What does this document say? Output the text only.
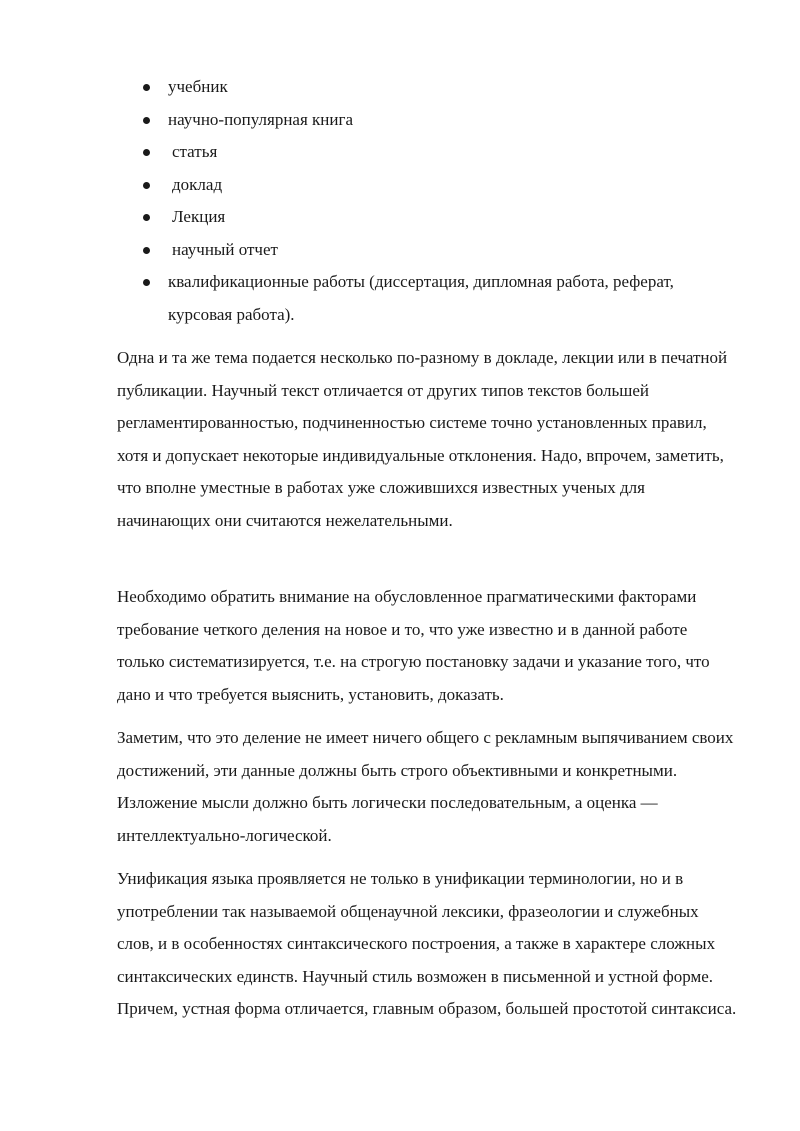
учебник
научно-популярная книга
статья
доклад
Лекция
научный отчет
квалификационные работы (диссертация, дипломная работа, реферат, курсовая работа).

Одна и та же тема подается несколько по-разному в докладе, лекции или в печатной публикации. Научный текст отличается от других типов текстов большей регламентированностью, подчиненностью системе точно установленных правил, хотя и допускает некоторые индивидуальные отклонения. Надо, впрочем, заметить, что вполне уместные в работах уже сложившихся известных ученых для начинающих они считаются нежелательными.

Необходимо обратить внимание на обусловленное прагматическими факторами требование четкого деления на новое и то, что уже известно и в данной работе только систематизируется, т.е. на строгую постановку задачи и указание того, что дано и что требуется выяснить, установить, доказать.

Заметим, что это деление не имеет ничего общего с рекламным выпячиванием своих достижений, эти данные должны быть строго объективными и конкретными. Изложение мысли должно быть логически последовательным, а оценка —интеллектуально-логической.

Унификация языка проявляется не только в унификации терминологии, но и в употреблении так называемой общенаучной лексики, фразеологии и служебных слов, и в особенностях синтаксического построения, а также в характере сложных синтаксических единств. Научный стиль возможен в письменной и устной форме. Причем, устная форма отличается, главным образом, большей простотой синтаксиса.
